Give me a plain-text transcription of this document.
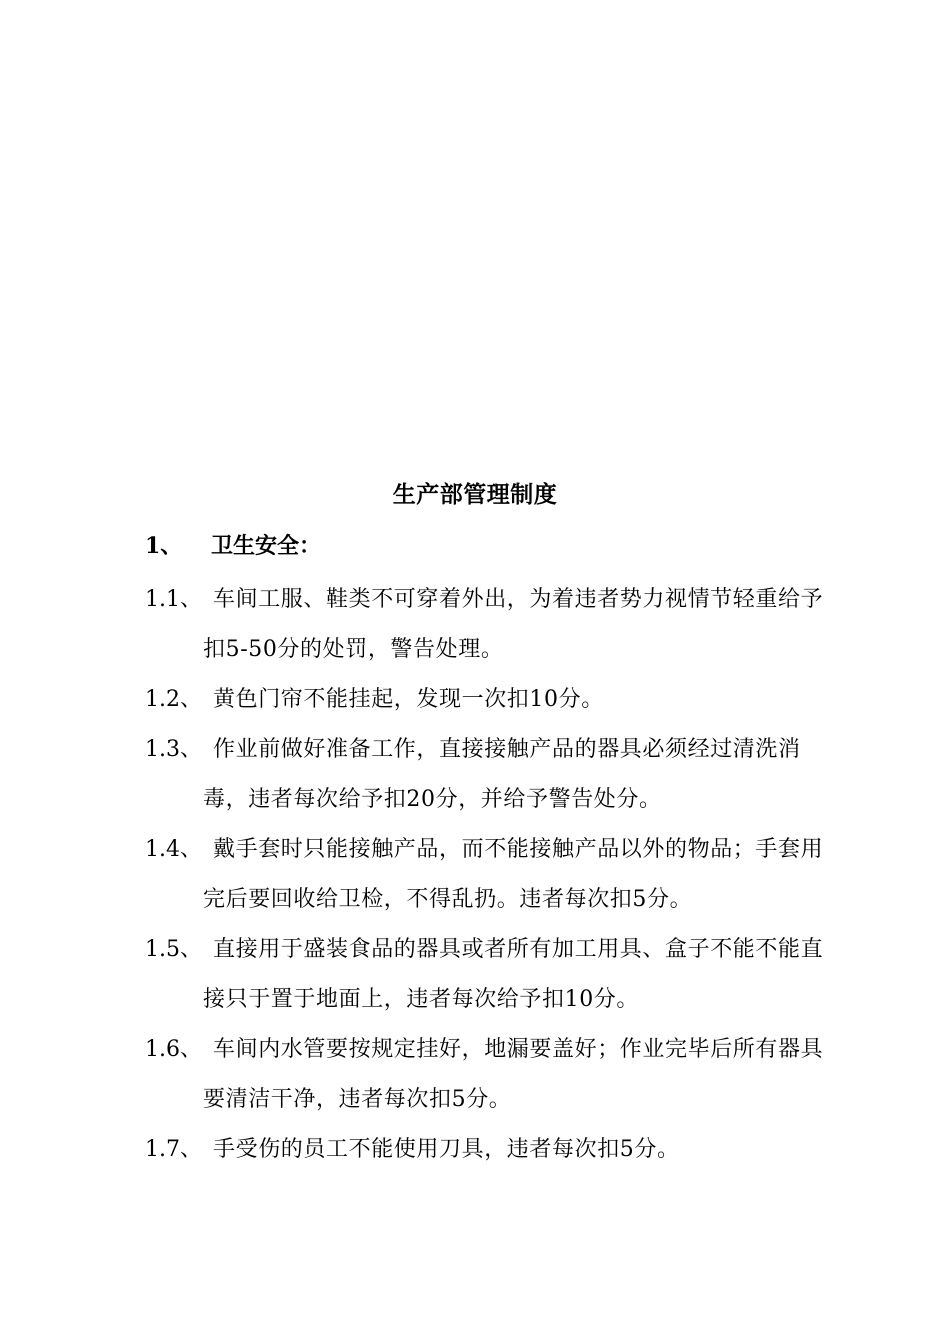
生产部管理制度
1、 卫生安全：

1.1、 车间工服、鞋类不可穿着外出，为着违者势力视情节轻重给予扣5-50分的处罚，警告处理。

1.2、 黄色门帘不能挂起，发现一次扣10分。

1.3、 作业前做好准备工作，直接接触产品的器具必须经过清洗消毒，违者每次给予扣20分，并给予警告处分。

1.4、 戴手套时只能接触产品，而不能接触产品以外的物品；手套用完后要回收给卫检，不得乱扔。违者每次扣5分。

1.5、 直接用于盛装食品的器具或者所有加工用具、盒子不能不能直接只于置于地面上，违者每次给予扣10分。

1.6、 车间内水管要按规定挂好，地漏要盖好；作业完毕后所有器具要清洁干净，违者每次扣5分。

1.7、 手受伤的员工不能使用刀具，违者每次扣5分。
